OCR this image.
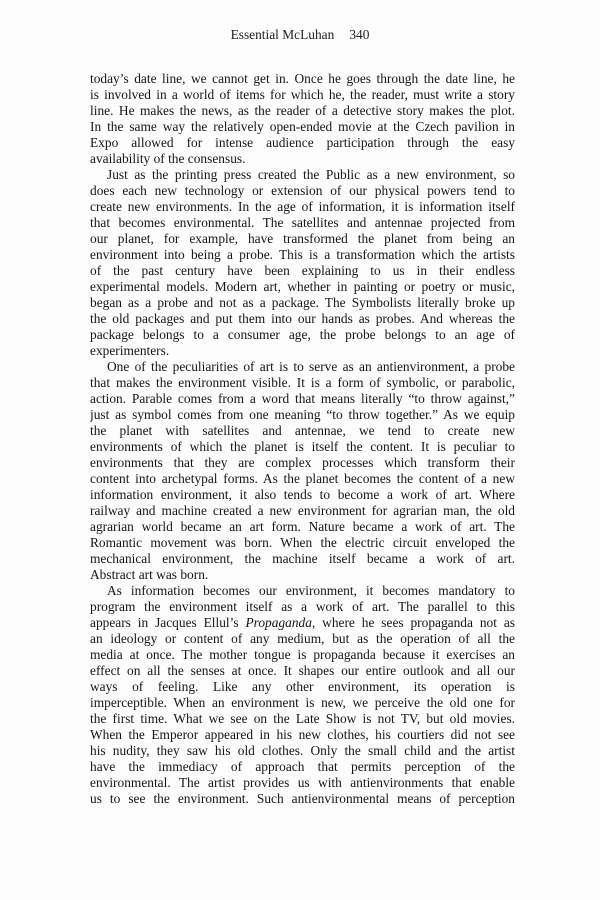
Essential McLuhan 340
today’s date line, we cannot get in. Once he goes through the date line, he
is involved in a world of items for which he, the reader, must write a story
line. He makes the news, as the reader of a detective story makes the plot.
In the same way the relatively open-ended movie at the Czech pavilion in
Expo allowed for intense audience participation through the easy
availability of the consensus.
Just as the printing press created the Public as a new environment, so
does each new technology or extension of our physical powers tend to
create new environments. In the age of information, it is information itself
that becomes environmental. The satellites and antennae projected from
our planet, for example, have transformed the planet from being an
environment into being a probe. This is a transformation which the artists
of the past century have been explaining to us in their endless
experimental models. Modern art, whether in painting or poetry or music,
began as a probe and not as a package. The Symbolists literally broke up
the old packages and put them into our hands as probes. And whereas the
package belongs to a consumer age, the probe belongs to an age of
experimenters.
One of the peculiarities of art is to serve as an antienvironment, a probe
that makes the environment visible. It is a form of symbolic, or parabolic,
action. Parable comes from a word that means literally “to throw against,”
just as symbol comes from one meaning “to throw together.” As we equip
the planet with satellites and antennae, we tend to create new
environments of which the planet is itself the content. It is peculiar to
environments that they are complex processes which transform their
content into archetypal forms. As the planet becomes the content of a new
information environment, it also tends to become a work of art. Where
railway and machine created a new environment for agrarian man, the old
agrarian world became an art form. Nature became a work of art. The
Romantic movement was born. When the electric circuit enveloped the
mechanical environment, the machine itself became a work of art.
Abstract art was born.
As information becomes our environment, it becomes mandatory to
program the environment itself as a work of art. The parallel to this
appears in Jacques Ellul’s Propaganda, where he sees propaganda not as
an ideology or content of any medium, but as the operation of all the
media at once. The mother tongue is propaganda because it exercises an
effect on all the senses at once. It shapes our entire outlook and all our
ways of feeling. Like any other environment, its operation is
imperceptible. When an environment is new, we perceive the old one for
the first time. What we see on the Late Show is not TV, but old movies.
When the Emperor appeared in his new clothes, his courtiers did not see
his nudity, they saw his old clothes. Only the small child and the artist
have the immediacy of approach that permits perception of the
environmental. The artist provides us with antienvironments that enable
us to see the environment. Such antienvironmental means of perception
